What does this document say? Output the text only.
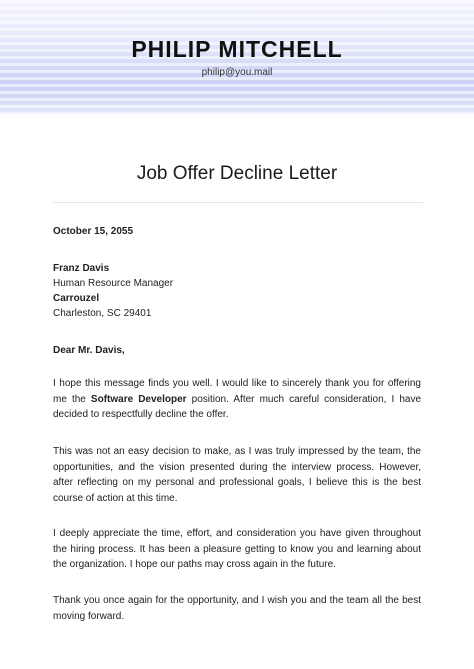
PHILIP MITCHELL
philip@you.mail
Job Offer Decline Letter
October 15, 2055
Franz Davis
Human Resource Manager
Carrouzel
Charleston, SC 29401
Dear Mr. Davis,
I hope this message finds you well. I would like to sincerely thank you for offering me the Software Developer position. After much careful consideration, I have decided to respectfully decline the offer.
This was not an easy decision to make, as I was truly impressed by the team, the opportunities, and the vision presented during the interview process. However, after reflecting on my personal and professional goals, I believe this is the best course of action at this time.
I deeply appreciate the time, effort, and consideration you have given throughout the hiring process. It has been a pleasure getting to know you and learning about the organization. I hope our paths may cross again in the future.
Thank you once again for the opportunity, and I wish you and the team all the best moving forward.
